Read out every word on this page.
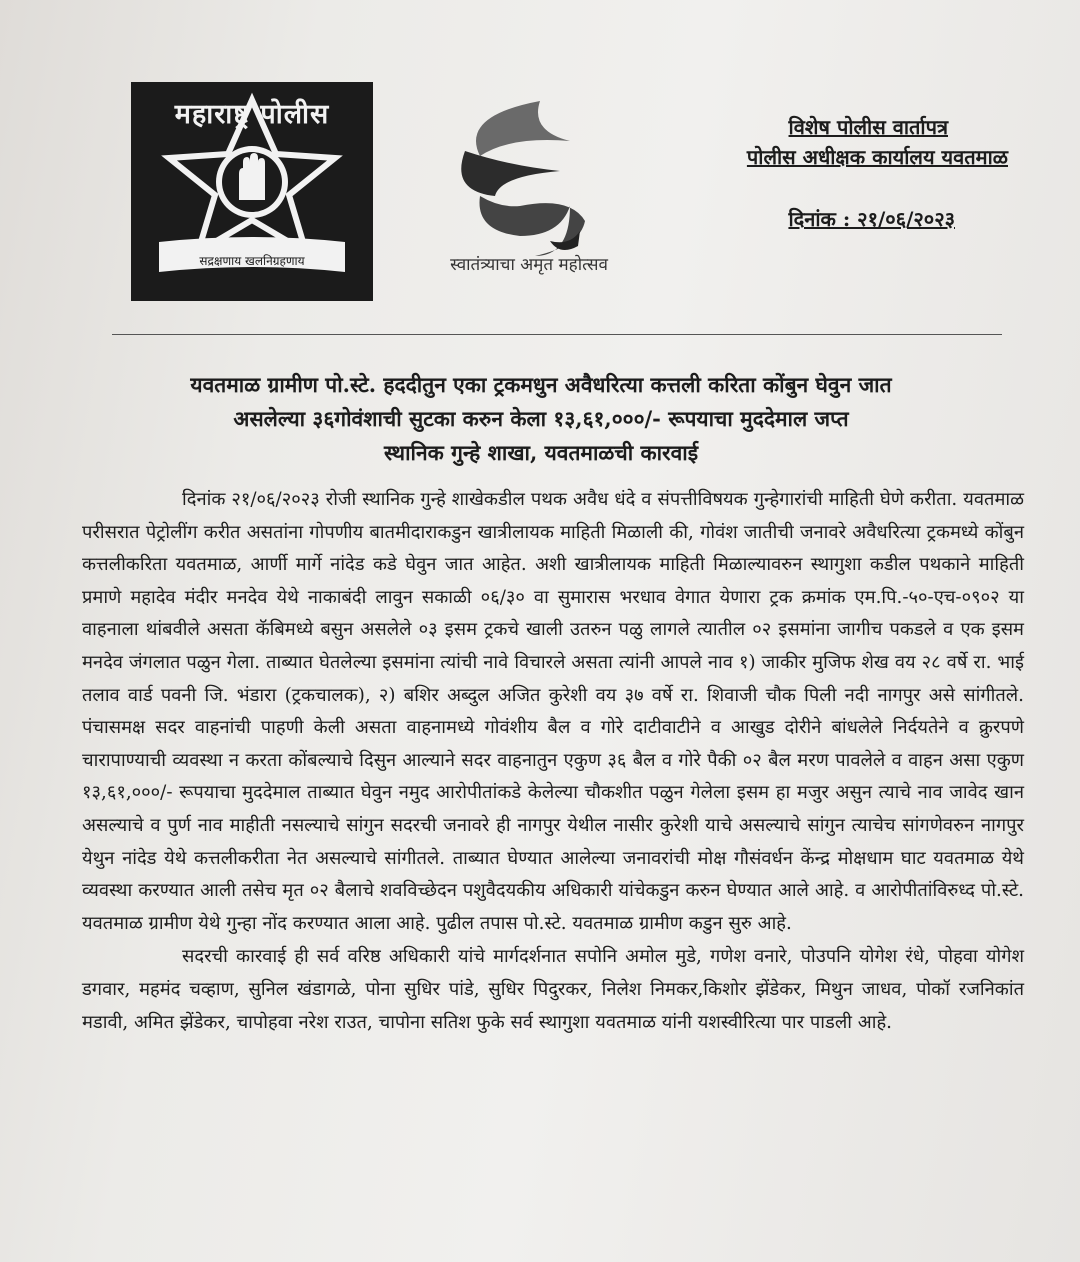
महाराष्ट्र पोलीस
सद्रक्षणाय खलनिग्रहणाय	स्वातंत्र्याचा अमृत महोत्सव
विशेष पोलीस वार्तापत्र
पोलीस अधीक्षक कार्यालय यवतमाळ
दिनांक : २१/०६/२०२३
यवतमाळ ग्रामीण पो.स्टे. हददीतुन एका ट्रकमधुन अवैधरित्या कत्तली करिता कोंबुन घेवुन जात
असलेल्या ३६गोवंशाची सुटका करुन केला १३,६१,०००/- रूपयाचा मुददेमाल जप्त
स्थानिक गुन्हे शाखा, यवतमाळची कारवाई

दिनांक २१/०६/२०२३ रोजी स्थानिक गुन्हे शाखेकडील पथक अवैध धंदे व संपत्तीविषयक गुन्हेगारांची माहिती घेणे करीता. यवतमाळ परीसरात पेट्रोलींग करीत असतांना गोपणीय बातमीदाराकडुन खात्रीलायक माहिती मिळाली की, गोवंश जातीची जनावरे अवैधरित्या ट्रकमध्ये कोंबुन कत्तलीकरिता यवतमाळ, आर्णी मार्गे नांदेड कडे घेवुन जात आहेत. अशी खात्रीलायक माहिती मिळाल्यावरुन स्थागुशा कडील पथकाने माहिती प्रमाणे महादेव मंदीर मनदेव येथे नाकाबंदी लावुन सकाळी ०६/३० वा सुमारास भरधाव वेगात येणारा ट्रक क्रमांक एम.पि.-५०-एच-०९०२ या वाहनाला थांबवीले असता कॅबिमध्ये बसुन असलेले ०३ इसम ट्रकचे खाली उतरुन पळु लागले त्यातील ०२ इसमांना जागीच पकडले व एक इसम मनदेव जंगलात पळुन गेला. ताब्यात घेतलेल्या इसमांना त्यांची नावे विचारले असता त्यांनी आपले नाव १) जाकीर मुजिफ शेख वय २८ वर्षे रा. भाई तलाव वार्ड पवनी जि. भंडारा (ट्रकचालक), २) बशिर अब्दुल अजित कुरेशी वय ३७ वर्षे रा. शिवाजी चौक पिली नदी नागपुर असे सांगीतले. पंचासमक्ष सदर वाहनांची पाहणी केली असता वाहनामध्ये गोवंशीय बैल व गोरे दाटीवाटीने व आखुड दोरीने बांधलेले निर्दयतेने व क्रुरपणे चारापाण्याची व्यवस्था न करता कोंबल्याचे दिसुन आल्याने सदर वाहनातुन एकुण ३६ बैल व गोरे पैकी ०२ बैल मरण पावलेले व वाहन असा एकुण १३,६१,०००/- रूपयाचा मुददेमाल ताब्यात घेवुन नमुद आरोपीतांकडे केलेल्या चौकशीत पळुन गेलेला इसम हा मजुर असुन त्याचे नाव जावेद खान असल्याचे व पुर्ण नाव माहीती नसल्याचे सांगुन सदरची जनावरे ही नागपुर येथील नासीर कुरेशी याचे असल्याचे सांगुन त्याचेच सांगणेवरुन नागपुर येथुन नांदेड येथे कत्तलीकरीता नेत असल्याचे सांगीतले. ताब्यात घेण्यात आलेल्या जनावरांची मोक्ष गौसंवर्धन केंन्द्र मोक्षधाम घाट यवतमाळ येथे व्यवस्था करण्यात आली तसेच मृत ०२ बैलाचे शवविच्छेदन पशुवैदयकीय अधिकारी यांचेकडुन करुन घेण्यात आले आहे. व आरोपीतांविरुध्द पो.स्टे. यवतमाळ ग्रामीण येथे गुन्हा नोंद करण्यात आला आहे. पुढील तपास पो.स्टे. यवतमाळ ग्रामीण कडुन सुरु आहे.

सदरची कारवाई ही सर्व वरिष्ठ अधिकारी यांचे मार्गदर्शनात सपोनि अमोल मुडे, गणेश वनारे, पोउपनि योगेश रंधे, पोहवा योगेश डगवार, महमंद चव्हाण, सुनिल खंडागळे, पोना सुधिर पांडे, सुधिर पिदुरकर, निलेश निमकर,किशोर झेंडेकर, मिथुन जाधव, पोकॉ रजनिकांत मडावी, अमित झेंडेकर, चापोहवा नरेश राउत, चापोना सतिश फुके सर्व स्थागुशा यवतमाळ यांनी यशस्वीरित्या पार पाडली आहे.
